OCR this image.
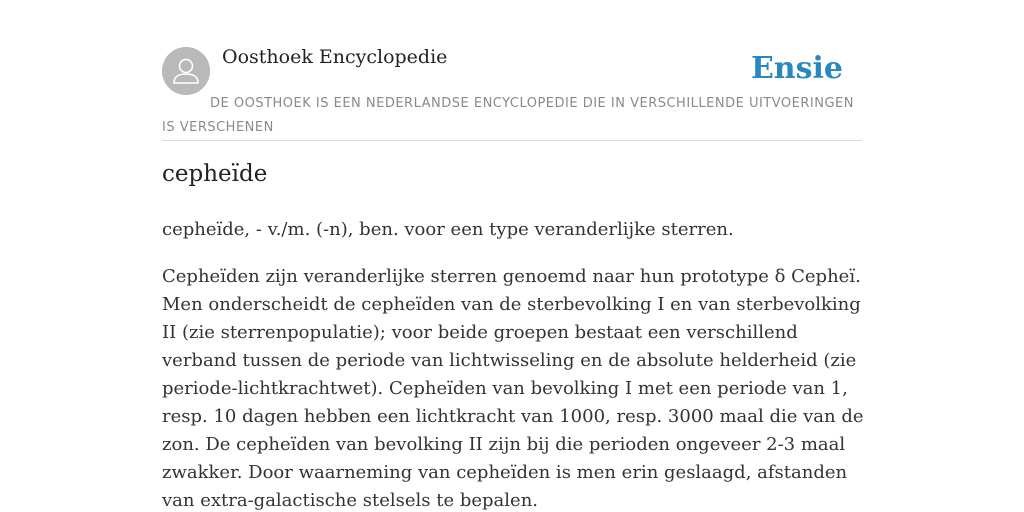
Oosthoek Encyclopedie	Ensie
DE OOSTHOEK IS EEN NEDERLANDSE ENCYCLOPEDIE DIE IN VERSCHILLENDE UITVOERINGEN IS VERSCHENEN
cepheïde

cepheïde, - v./m. (-n), ben. voor een type veranderlijke sterren.

Cepheïden zijn veranderlijke sterren genoemd naar hun prototype δ Cepheï. Men onderscheidt de cepheïden van de sterbevolking I en van sterbevolking II (zie sterrenpopulatie); voor beide groepen bestaat een verschillend verband tussen de periode van lichtwisseling en de absolute helderheid (zie periode-lichtkrachtwet). Cepheïden van bevolking I met een periode van 1, resp. 10 dagen hebben een lichtkracht van 1000, resp. 3000 maal die van de zon. De cepheïden van bevolking II zijn bij die perioden ongeveer 2-3 maal zwakker. Door waarneming van cepheïden is men erin geslaagd, afstanden van extra-galactische stelsels te bepalen.
